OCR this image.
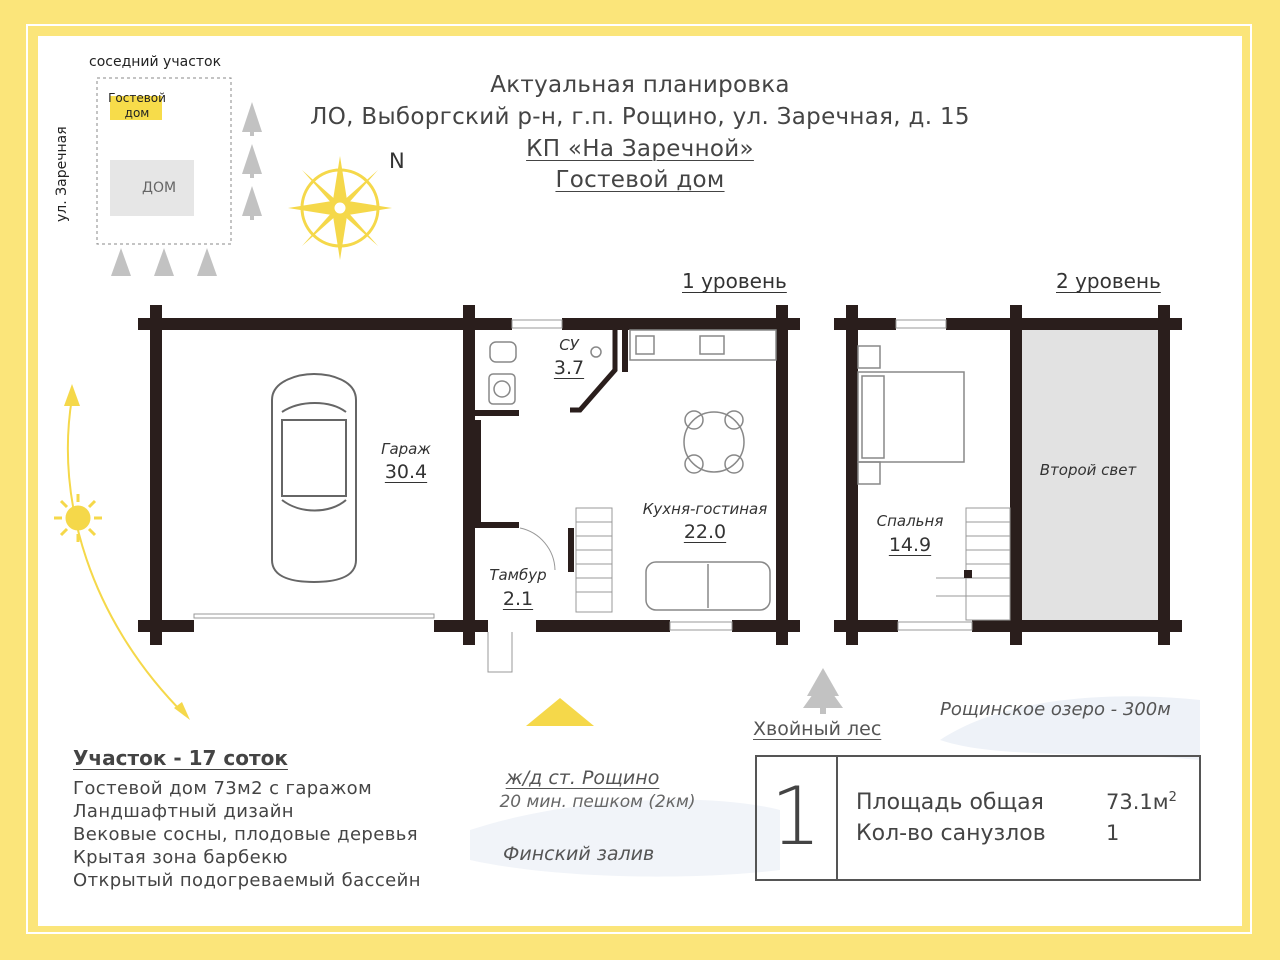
Актуальная планировка
ЛО, Выборгский р-н, г.п. Рощино, ул. Заречная, д. 15
КП «На Заречной»
Гостевой дом
соседний участок
ул. Заречная
Гостевой дом
ДОМ
N
1 уровень	2 уровень
Гараж
30.4
СУ
3.7
Кухня-гостиная
22.0
Тамбур
2.1
Спальня
14.9
Второй свет
Хвойный лес
Рощинское озеро - 300м
ж/д ст. Рощино
20 мин. пешком (2км)
Финский залив
Участок - 17 соток
Гостевой дом 73м2 с гаражом
Ландшафтный дизайн
Вековые сосны, плодовые деревья
Крытая зона барбекю
Открытый подогреваемый бассейн
1	Площадь общая	$73.1м^2$
Кол-во санузлов	1
